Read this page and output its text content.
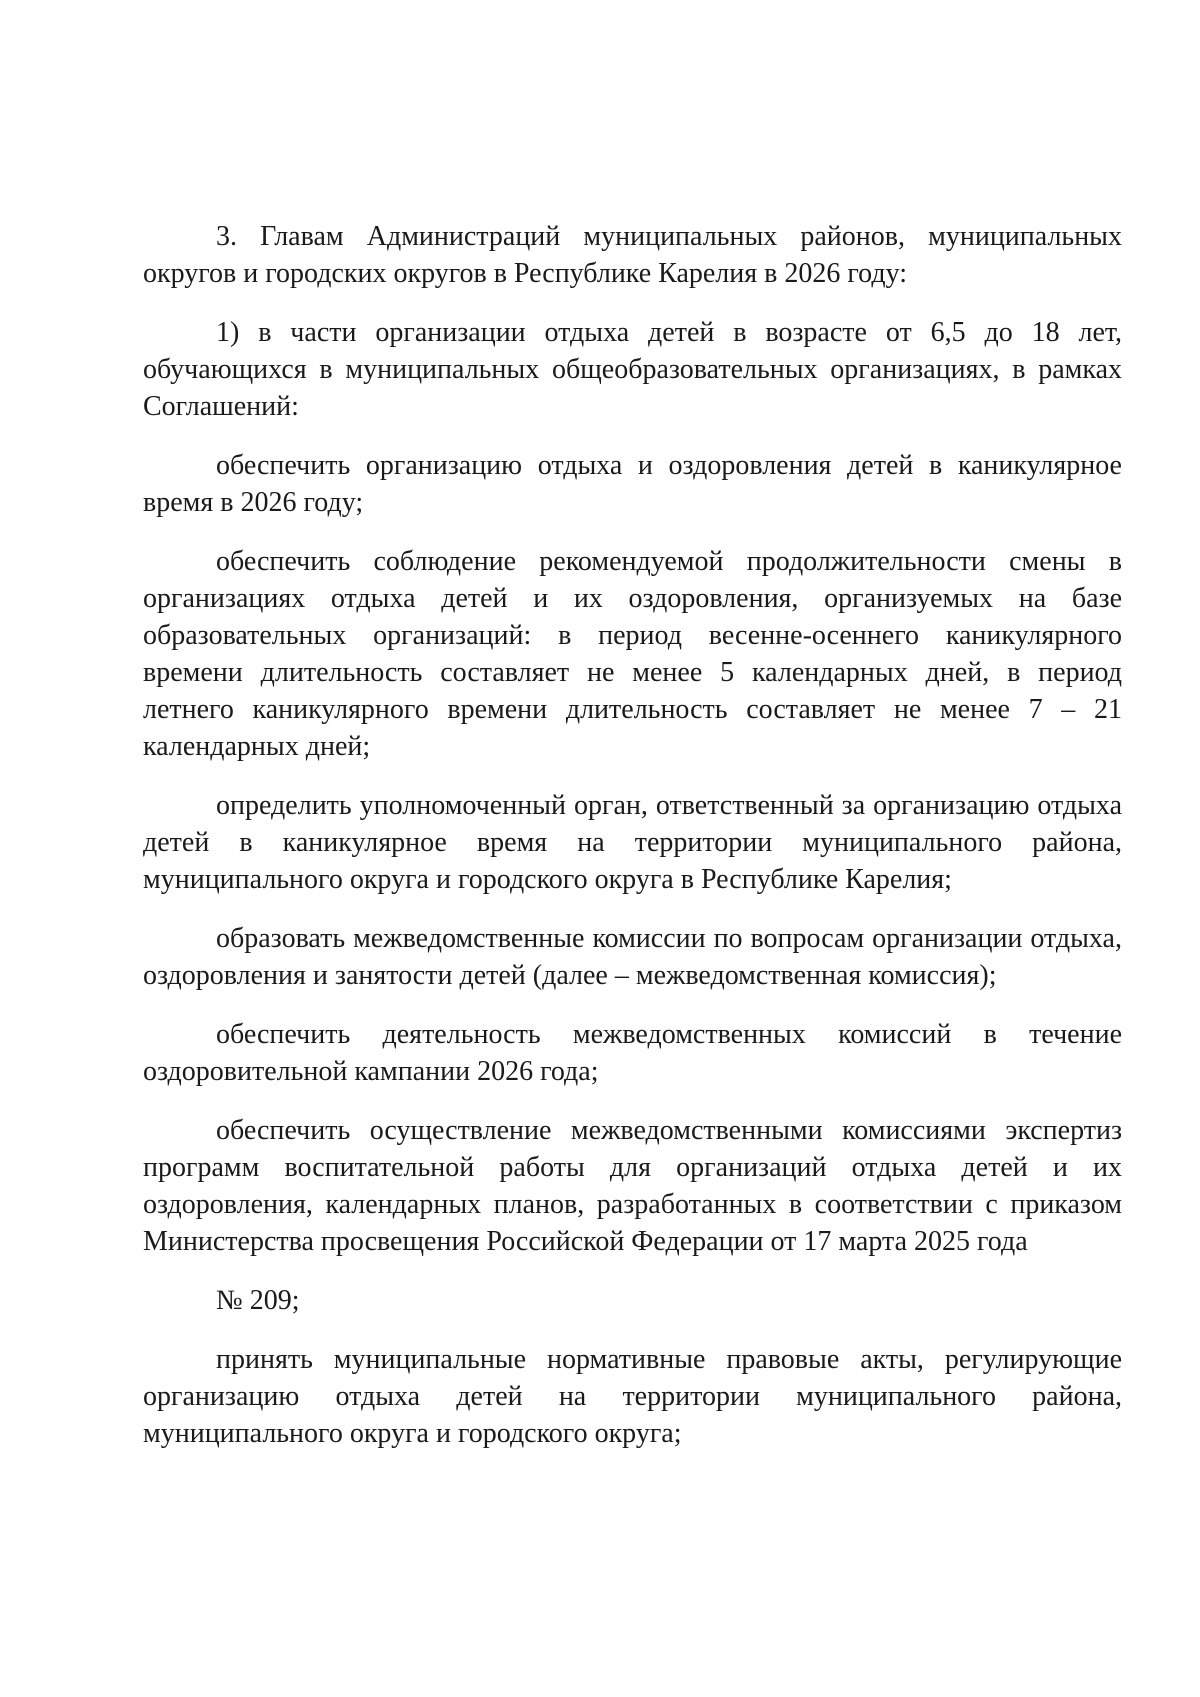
3. Главам Администраций муниципальных районов, муниципальных округов и городских округов в Республике Карелия в 2026 году:

1) в части организации отдыха детей в возрасте от 6,5 до 18 лет, обучающихся в муниципальных общеобразовательных организациях, в рамках Соглашений:

обеспечить организацию отдыха и оздоровления детей в каникулярное время в 2026 году;

обеспечить соблюдение рекомендуемой продолжительности смены в организациях отдыха детей и их оздоровления, организуемых на базе образовательных организаций: в период весенне-осеннего каникулярного времени длительность составляет не менее 5 календарных дней, в период летнего каникулярного времени длительность составляет не менее 7 – 21 календарных дней;

определить уполномоченный орган, ответственный за организацию отдыха детей в каникулярное время на территории муниципального района, муниципального округа и городского округа в Республике Карелия;

образовать межведомственные комиссии по вопросам организации отдыха, оздоровления и занятости детей (далее – межведомственная комиссия);

обеспечить деятельность межведомственных комиссий в течение оздоровительной кампании 2026 года;

обеспечить осуществление межведомственными комиссиями экспертиз программ воспитательной работы для организаций отдыха детей и их оздоровления, календарных планов, разработанных в соответствии с приказом Министерства просвещения Российской Федерации от 17 марта 2025 года

№ 209;

принять муниципальные нормативные правовые акты, регулирующие организацию отдыха детей на территории муниципального района, муниципального округа и городского округа;
